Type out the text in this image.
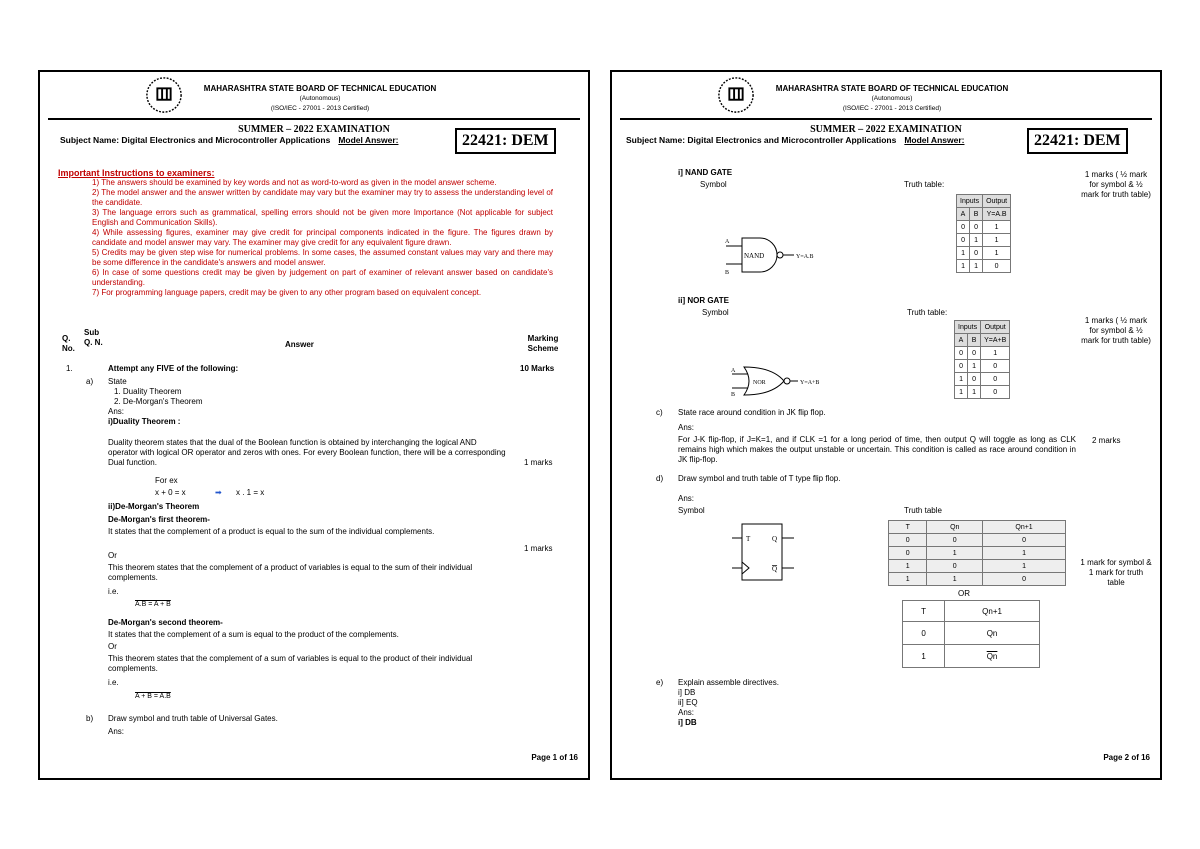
MAHARASHTRA STATE BOARD OF TECHNICAL EDUCATION
(Autonomous)
(ISO/IEC - 27001 - 2013 Certified)
SUMMER – 2022 EXAMINATION
Subject Name: Digital Electronics and Microcontroller Applications Model Answer:	22421: DEM
Important Instructions to examiners:
1) The answers should be examined by key words and not as word-to-word as given in the model answer scheme.
2) The model answer and the answer written by candidate may vary but the examiner may try to assess the understanding level of the candidate.
3) The language errors such as grammatical, spelling errors should not be given more Importance (Not applicable for subject English and Communication Skills).
4) While assessing figures, examiner may give credit for principal components indicated in the figure. The figures drawn by candidate and model answer may vary. The examiner may give credit for any equivalent figure drawn.
5) Credits may be given step wise for numerical problems. In some cases, the assumed constant values may vary and there may be some difference in the candidate's answers and model answer.
6) In case of some questions credit may be given by judgement on part of examiner of relevant answer based on candidate's understanding.
7) For programming language papers, credit may be given to any other program based on equivalent concept.
Q. No.
Sub Q. N.	Answer
Marking Scheme
1.	Attempt any FIVE of the following:	10 Marks
a) State
1. Duality Theorem
2. De-Morgan's Theorem
Ans:
i)Duality Theorem :
Duality theorem states that the dual of the Boolean function is obtained by interchanging the logical AND operator with logical OR operator and zeros with ones. For every Boolean function, there will be a corresponding Dual function.
For ex
x + 0 = x	➡ x . 1 = x
1 marks
ii)De-Morgan's Theorem
De-Morgan's first theorem-
It states that the complement of a product is equal to the sum of the individual complements.
Or
This theorem states that the complement of a product of variables is equal to the sum of their individual complements.
i.e.
A.B = A + B
1 marks
De-Morgan's second theorem-
It states that the complement of a sum is equal to the product of the complements.
Or
This theorem states that the complement of a sum of variables is equal to the product of their individual complements.
i.e.
A + B = A.B
b) Draw symbol and truth table of Universal Gates.
Ans:
Page 1 of 16
MAHARASHTRA STATE BOARD OF TECHNICAL EDUCATION
(Autonomous)
(ISO/IEC - 27001 - 2013 Certified)
SUMMER – 2022 EXAMINATION
Subject Name: Digital Electronics and Microcontroller Applications Model Answer:	22421: DEM
i] NAND GATE
Symbol	Truth table:
1 marks ( ½ mark for symbol & ½ mark for truth table)
A
B
NAND	Y=A.B
Inputs		Output
A	B	Y=A.B
0	0	1
0	1	1
1	0	1
1	1	0
ii] NOR GATE
Symbol	Truth table:
1 marks ( ½ mark for symbol & ½ mark for truth table)
A
B
NOR	Y=A+B
Inputs		Output
A	B	Y=A+B
0	0	1
0	1	0
1	0	0
1	1	0
c) State race around condition in JK flip flop.
Ans:
For J-K flip-flop, if J=K=1, and if CLK =1 for a long period of time, then output Q will toggle as long as CLK remains high which makes the output unstable or uncertain. This condition is called as race around condition in JK flip-flop.
2 marks
d) Draw symbol and truth table of T type flip flop.
Ans:
Symbol	Truth table
T	Q
Q
T	Qn	Qn+1
0	0	0
0	1	1
1	0	1
1	1	0
OR
T	Qn+1
0	Qn
1	$\overline{Qn}$
1 mark for symbol & 1 mark for truth table
e) Explain assemble directives.
i] DB
ii] EQ
Ans:
i] DB
Page 2 of 16
